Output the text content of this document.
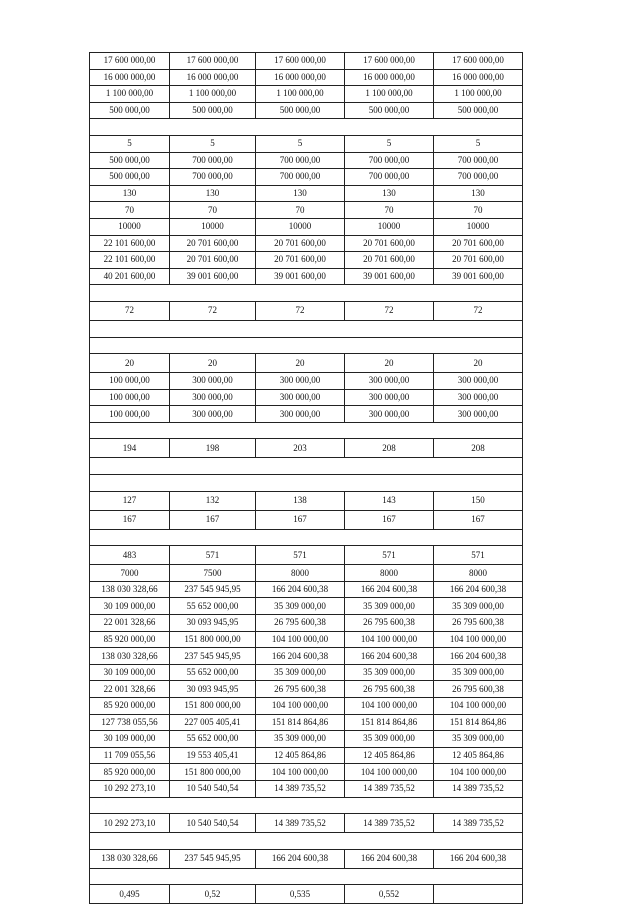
17 600 000,00	17 600 000,00	17 600 000,00	17 600 000,00	17 600 000,00
16 000 000,00	16 000 000,00	16 000 000,00	16 000 000,00	16 000 000,00
1 100 000,00	1 100 000,00	1 100 000,00	1 100 000,00	1 100 000,00
500 000,00	500 000,00	500 000,00	500 000,00	500 000,00

5	5	5	5	5
500 000,00	700 000,00	700 000,00	700 000,00	700 000,00
500 000,00	700 000,00	700 000,00	700 000,00	700 000,00
130	130	130	130	130
70	70	70	70	70
10000	10000	10000	10000	10000
22 101 600,00	20 701 600,00	20 701 600,00	20 701 600,00	20 701 600,00
22 101 600,00	20 701 600,00	20 701 600,00	20 701 600,00	20 701 600,00
40 201 600,00	39 001 600,00	39 001 600,00	39 001 600,00	39 001 600,00

72	72	72	72	72

20	20	20	20	20
100 000,00	300 000,00	300 000,00	300 000,00	300 000,00
100 000,00	300 000,00	300 000,00	300 000,00	300 000,00
100 000,00	300 000,00	300 000,00	300 000,00	300 000,00

194	198	203	208	208

127	132	138	143	150
167	167	167	167	167

483	571	571	571	571
7000	7500	8000	8000	8000
138 030 328,66	237 545 945,95	166 204 600,38	166 204 600,38	166 204 600,38
30 109 000,00	55 652 000,00	35 309 000,00	35 309 000,00	35 309 000,00
22 001 328,66	30 093 945,95	26 795 600,38	26 795 600,38	26 795 600,38
85 920 000,00	151 800 000,00	104 100 000,00	104 100 000,00	104 100 000,00
138 030 328,66	237 545 945,95	166 204 600,38	166 204 600,38	166 204 600,38
30 109 000,00	55 652 000,00	35 309 000,00	35 309 000,00	35 309 000,00
22 001 328,66	30 093 945,95	26 795 600,38	26 795 600,38	26 795 600,38
85 920 000,00	151 800 000,00	104 100 000,00	104 100 000,00	104 100 000,00
127 738 055,56	227 005 405,41	151 814 864,86	151 814 864,86	151 814 864,86
30 109 000,00	55 652 000,00	35 309 000,00	35 309 000,00	35 309 000,00
11 709 055,56	19 553 405,41	12 405 864,86	12 405 864,86	12 405 864,86
85 920 000,00	151 800 000,00	104 100 000,00	104 100 000,00	104 100 000,00
10 292 273,10	10 540 540,54	14 389 735,52	14 389 735,52	14 389 735,52

10 292 273,10	10 540 540,54	14 389 735,52	14 389 735,52	14 389 735,52

138 030 328,66	237 545 945,95	166 204 600,38	166 204 600,38	166 204 600,38

0,495	0,52	0,535	0,552	
